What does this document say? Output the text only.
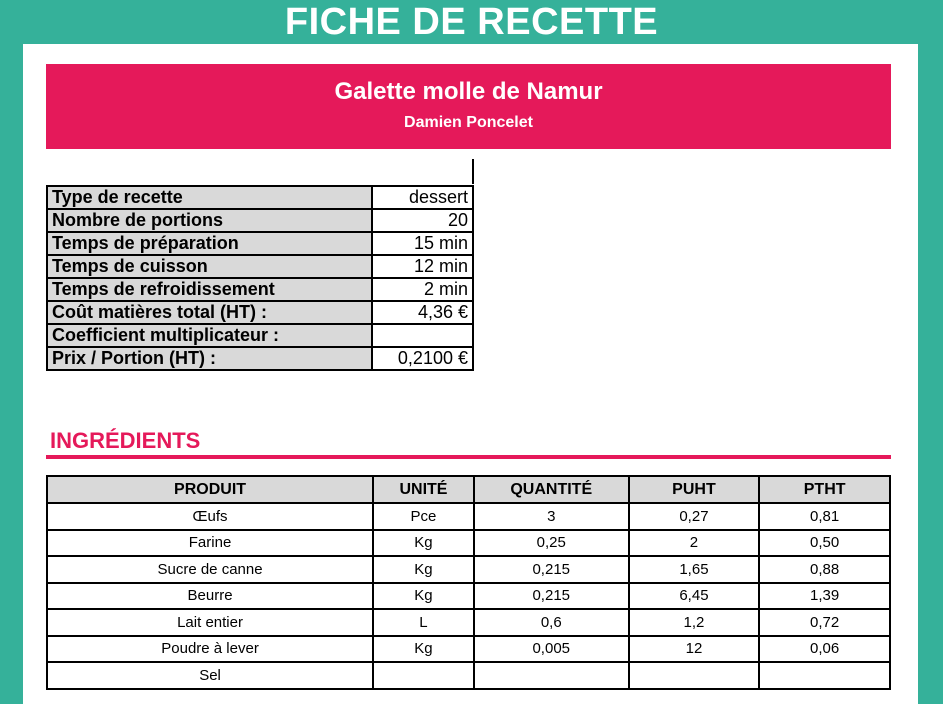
FICHE DE RECETTE
Galette molle de Namur
Damien Poncelet
Type de recette	dessert
Nombre de portions	20
Temps de préparation	15 min
Temps de cuisson	12 min
Temps de refroidissement	2 min
Coût matières total (HT) :	4,36 €
Coefficient multiplicateur :	
Prix / Portion (HT) :	0,2100 €
INGRÉDIENTS
PRODUIT	UNITÉ	QUANTITÉ	PUHT	PTHT
Œufs	Pce	3	0,27	0,81
Farine	Kg	0,25	2	0,50
Sucre de canne	Kg	0,215	1,65	0,88
Beurre	Kg	0,215	6,45	1,39
Lait entier	L	0,6	1,2	0,72
Poudre à lever	Kg	0,005	12	0,06
Sel				
